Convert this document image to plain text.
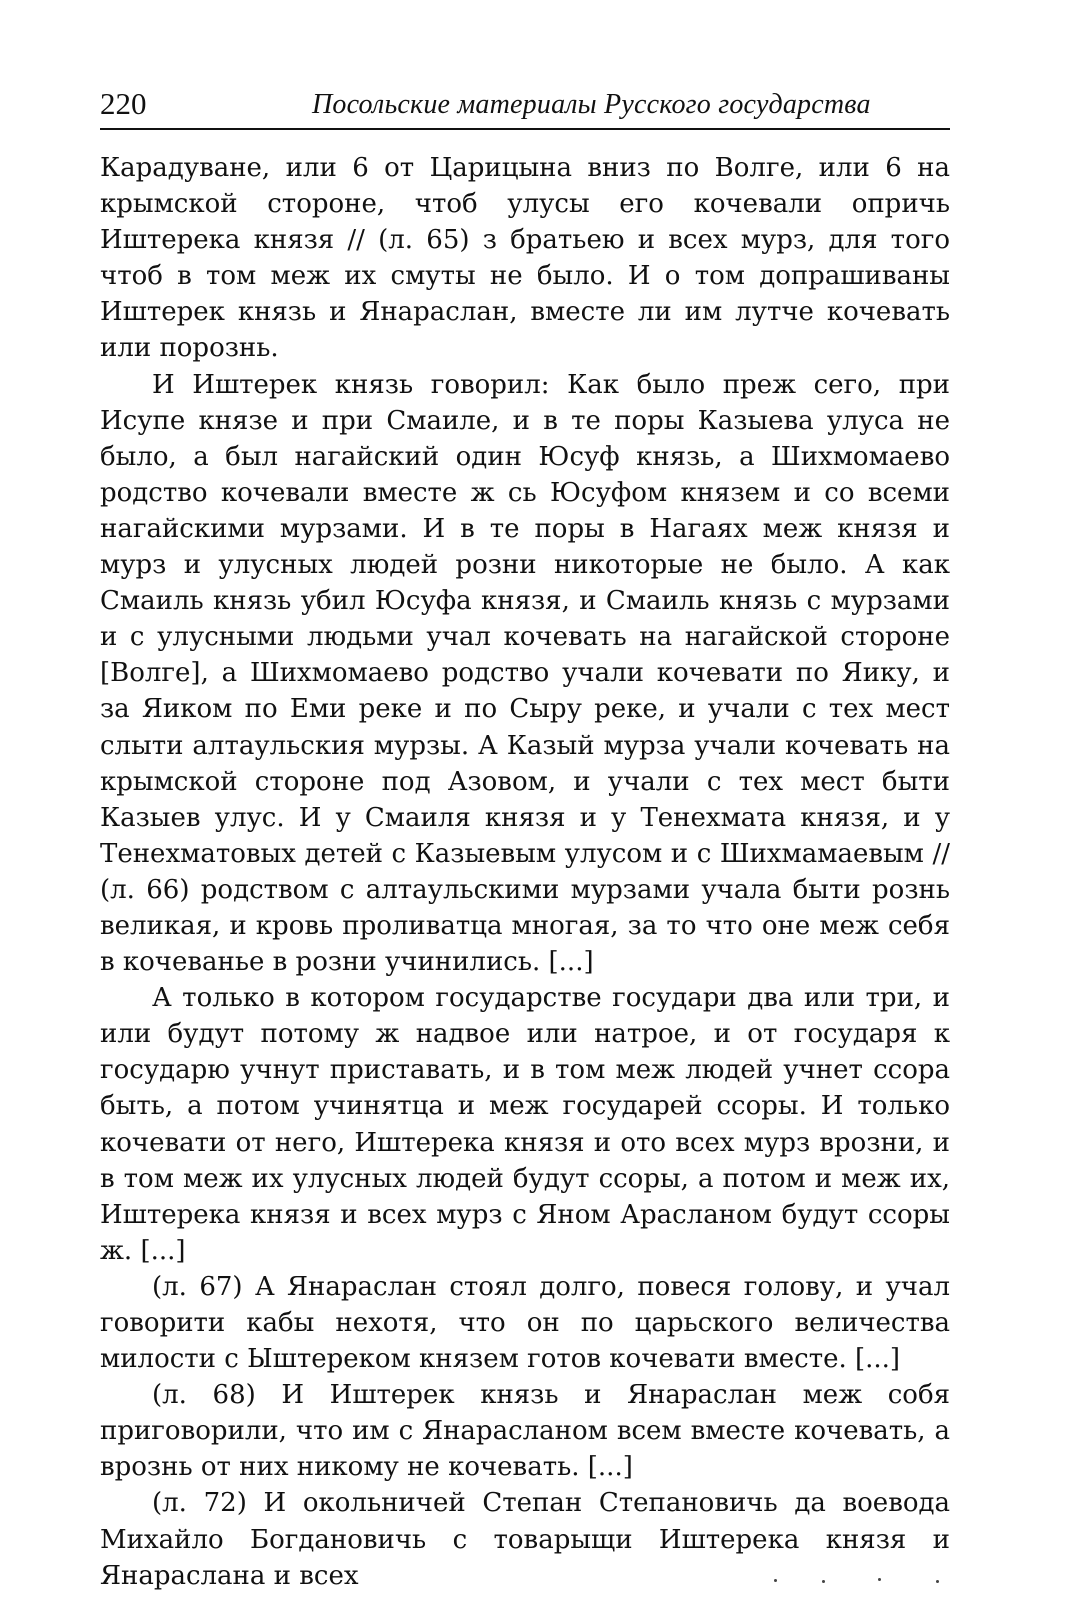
220	Посольские материалы Русского государства

Карадуване, или 6 от Царицына вниз по Волге, или 6 на крымской стороне, чтоб улусы его кочевали опричь Иштерека князя // (л. 65) з братьею и всех мурз, для того чтоб в том меж их смуты не было. И о том допрашиваны Иштерек князь и Янараслан, вместе ли им лутче кочевать или порознь.

И Иштерек князь говорил: Как было преж сего, при Исупе князе и при Смаиле, и в те поры Казыева улуса не было, а был нагайский один Юсуф князь, а Шихмомаево родство кочевали вместе ж сь Юсуфом князем и со всеми нагайскими мурзами. И в те поры в Нагаях меж князя и мурз и улусных людей розни никоторые не было. А как Смаиль князь убил Юсуфа князя, и Смаиль князь с мурзами и с улусными людьми учал кочевать на нагайской стороне [Волге], а Шихмомаево родство учали кочевати по Яику, и за Яиком по Еми реке и по Сыру реке, и учали с тех мест слыти алтаульския мурзы. А Казый мурза учали кочевать на крымской стороне под Азовом, и учали с тех мест быти Казыев улус. И у Смаиля князя и у Тенехмата князя, и у Тенехматовых детей с Казыевым улусом и с Шихмамаевым // (л. 66) родством с алтаульскими мурзами учала быти рознь великая, и кровь проливатца многая, за то что оне меж себя в кочеванье в розни учинились. [...]

А только в котором государстве государи два или три, и или будут потому ж надвое или натрое, и от государя к государю учнут приставать, и в том меж людей учнет ссора быть, а потом учинятца и меж государей ссоры. И только кочевати от него, Иштерека князя и ото всех мурз врозни, и в том меж их улусных людей будут ссоры, а потом и меж их, Иштерека князя и всех мурз с Яном Арасланом будут ссоры ж. [...]

(л. 67) А Янараслан стоял долго, повеся голову, и учал говорити кабы нехотя, что он по царьского величества милости с Ыштереком князем готов кочевати вместе. [...]

(л. 68) И Иштерек князь и Янараслан меж собя приговорили, что им с Янарасланом всем вместе кочевать, а врознь от них никому не кочевать. [...]

(л. 72) И окольничей Степан Степановичь да воевода Михайло Богдановичь с товарыщи Иштерека князя и Янараслана и всех
